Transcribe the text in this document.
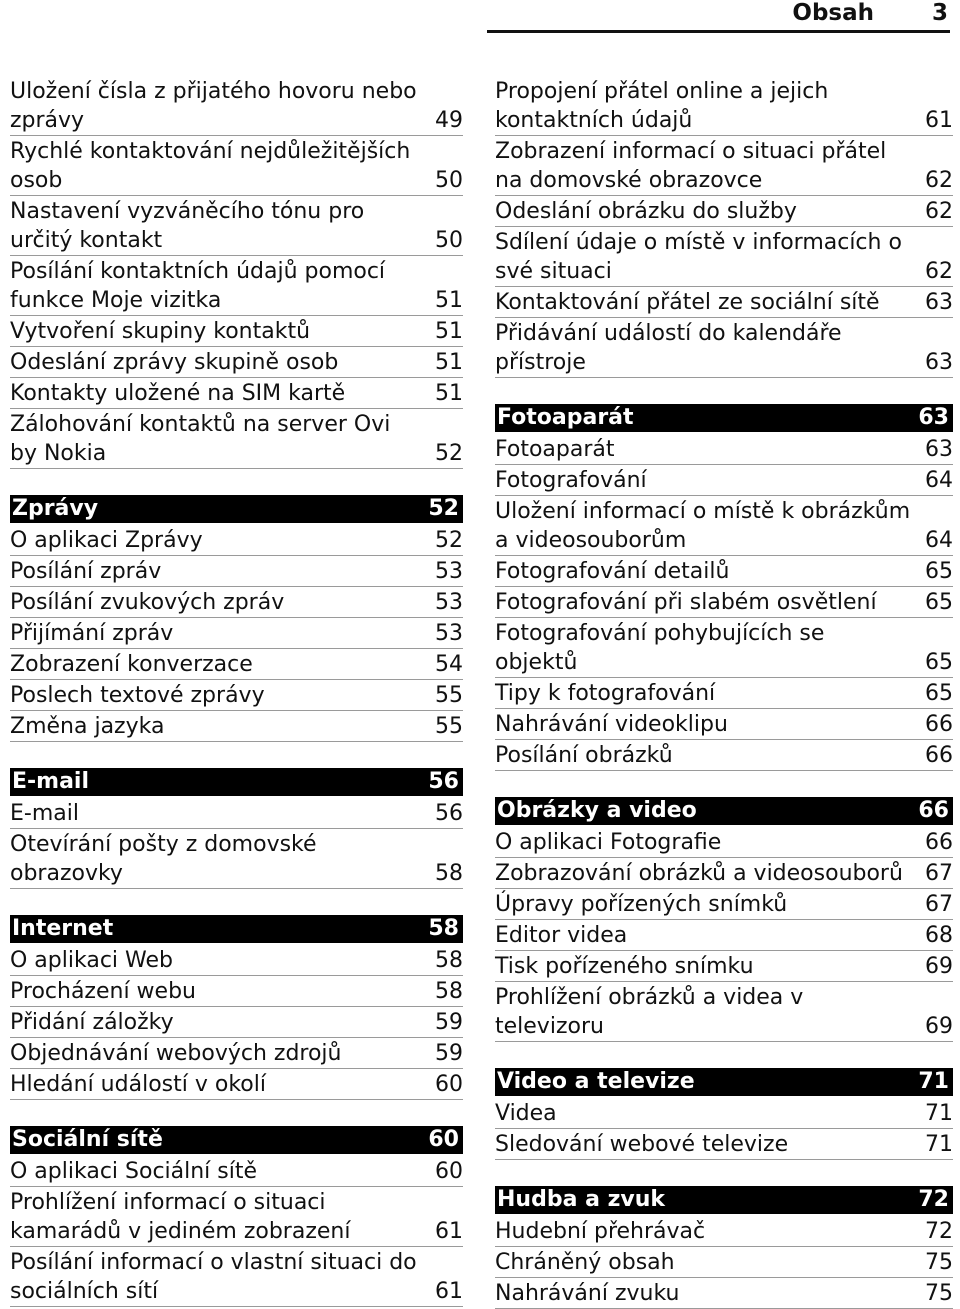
Obsah	3
Uložení čísla z přijatého hovoru nebo zprávy	49
Rychlé kontaktování nejdůležitějších osob	50
Nastavení vyzváněcího tónu pro určitý kontakt	50
Posílání kontaktních údajů pomocí funkce Moje vizitka	51
Vytvoření skupiny kontaktů	51
Odeslání zprávy skupině osob	51
Kontakty uložené na SIM kartě	51
Zálohování kontaktů na server Ovi by Nokia	52
Zprávy	52
O aplikaci Zprávy	52
Posílání zpráv	53
Posílání zvukových zpráv	53
Přijímání zpráv	53
Zobrazení konverzace	54
Poslech textové zprávy	55
Změna jazyka	55
E-mail	56
E-mail	56
Otevírání pošty z domovské obrazovky	58
Internet	58
O aplikaci Web	58
Procházení webu	58
Přidání záložky	59
Objednávání webových zdrojů	59
Hledání událostí v okolí	60
Sociální sítě	60
O aplikaci Sociální sítě	60
Prohlížení informací o situaci kamarádů v jediném zobrazení	61
Posílání informací o vlastní situaci do sociálních sítí	61
Propojení přátel online a jejich kontaktních údajů	61
Zobrazení informací o situaci přátel na domovské obrazovce	62
Odeslání obrázku do služby	62
Sdílení údaje o místě v informacích o své situaci	62
Kontaktování přátel ze sociální sítě	63
Přidávání událostí do kalendáře přístroje	63
Fotoaparát	63
Fotoaparát	63
Fotografování	64
Uložení informací o místě k obrázkům a videosouborům	64
Fotografování detailů	65
Fotografování při slabém osvětlení	65
Fotografování pohybujících se objektů	65
Tipy k fotografování	65
Nahrávání videoklipu	66
Posílání obrázků	66
Obrázky a video	66
O aplikaci Fotografie	66
Zobrazování obrázků a videosouborů	67
Úpravy pořízených snímků	67
Editor videa	68
Tisk pořízeného snímku	69
Prohlížení obrázků a videa v televizoru	69
Video a televize	71
Videa	71
Sledování webové televize	71
Hudba a zvuk	72
Hudební přehrávač	72
Chráněný obsah	75
Nahrávání zvuku	75
